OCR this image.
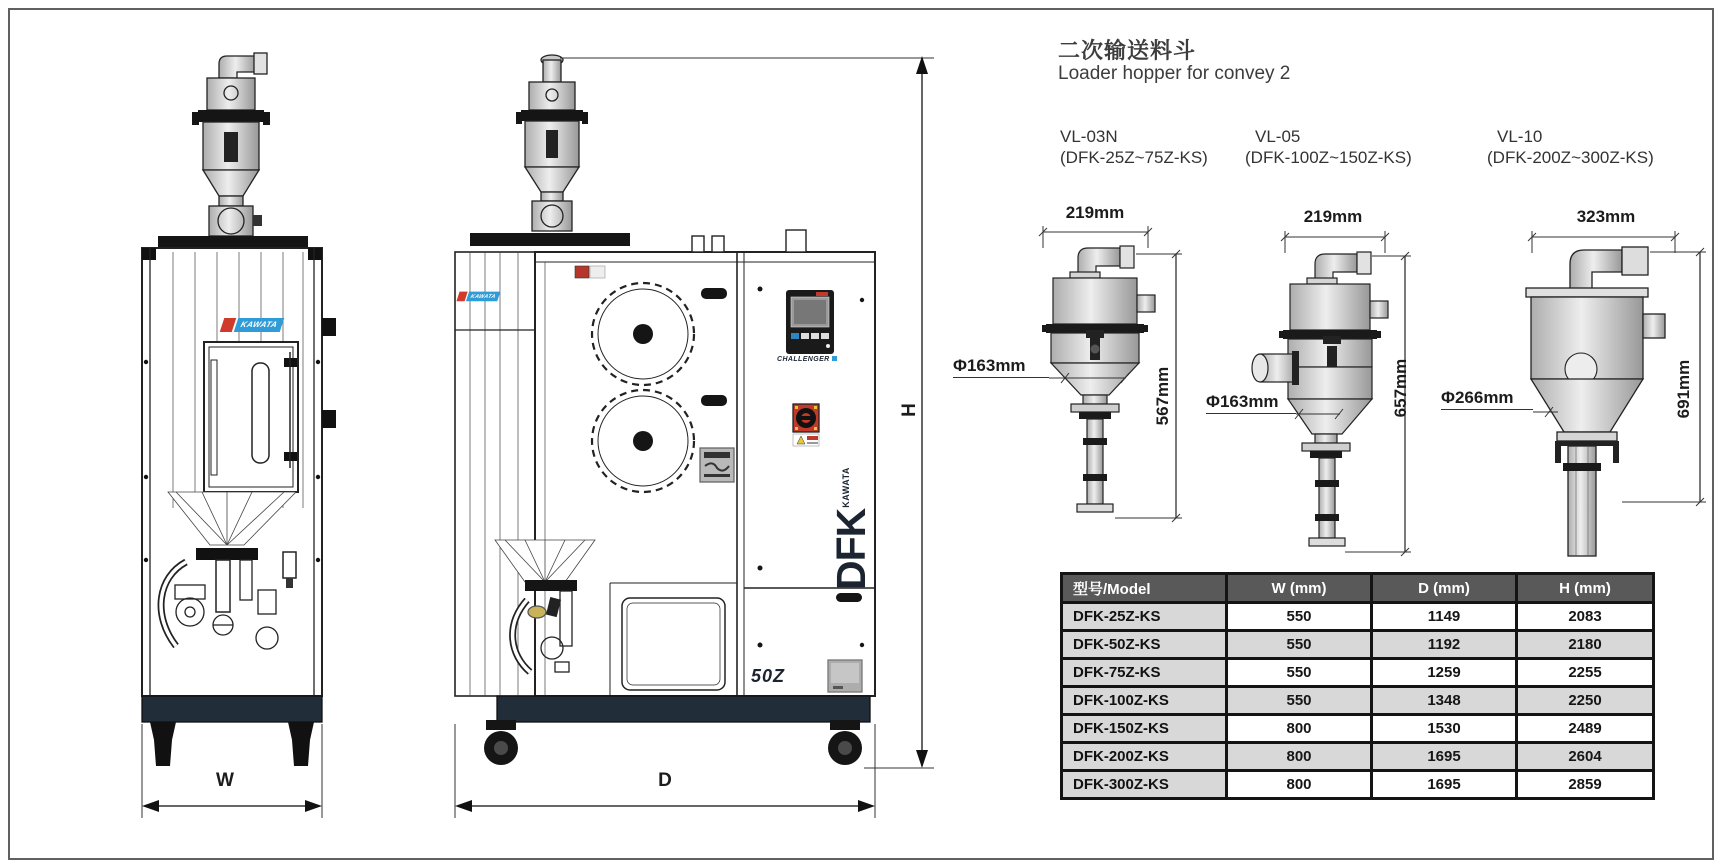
KAWATA
KAWATA
CHALLENGER
$DFK^{KAWATA}$
50Z
W	D
H
二次输送料斗
Loader hopper for convey 2
VL-03N
(DFK-25Z~75Z-KS)
VL-05
(DFK-100Z~150Z-KS)
VL-10
(DFK-200Z~300Z-KS)
219mm	219mm	323mm
Φ163mm
Φ163mm	Φ266mm
567mm	657mm	691mm
型号/Model	W (mm)	D (mm)	H (mm)
DFK-25Z-KS	550	1149	2083
DFK-50Z-KS	550	1192	2180
DFK-75Z-KS	550	1259	2255
DFK-100Z-KS	550	1348	2250
DFK-150Z-KS	800	1530	2489
DFK-200Z-KS	800	1695	2604
DFK-300Z-KS	800	1695	2859
